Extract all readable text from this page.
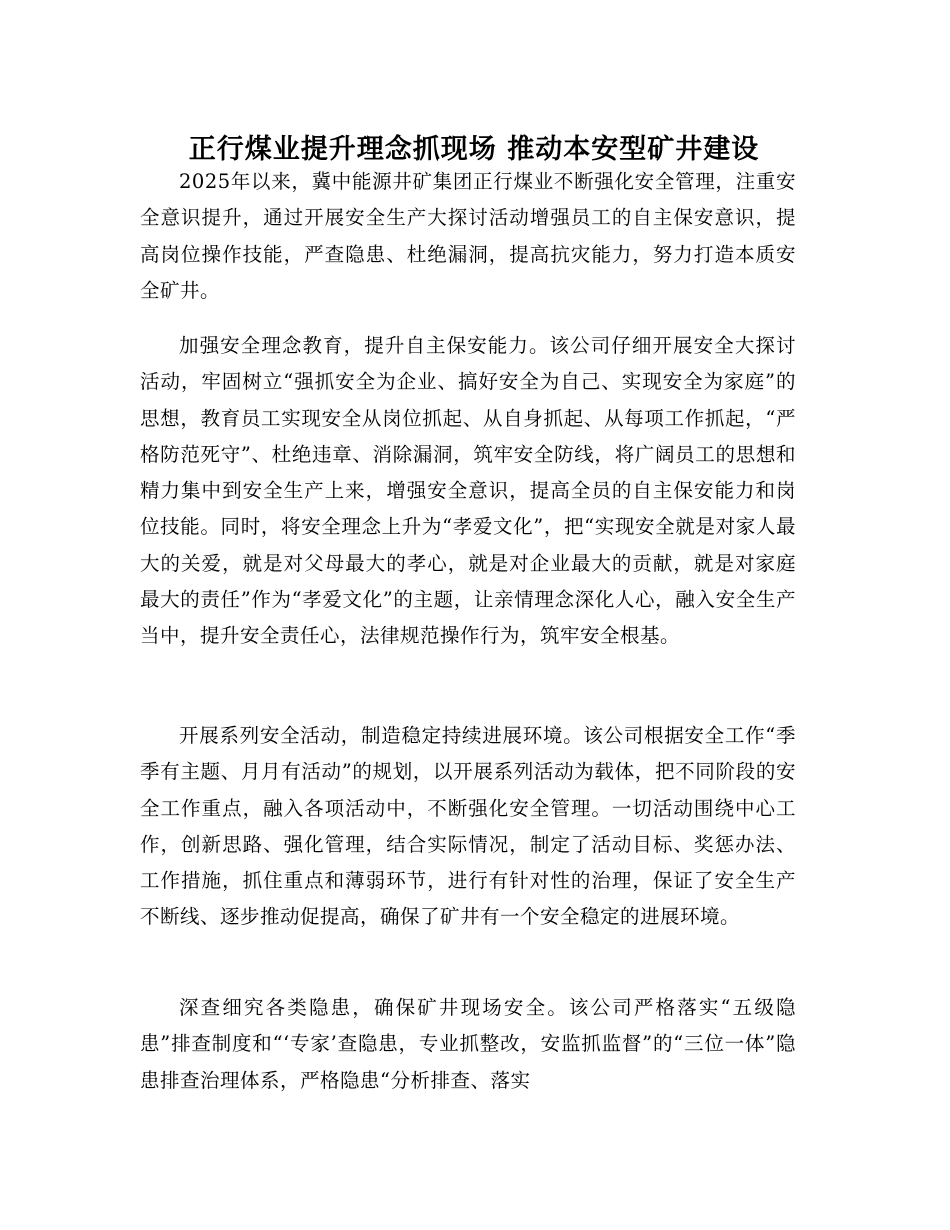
正行煤业提升理念抓现场 推动本安型矿井建设

2025年以来，冀中能源井矿集团正行煤业不断强化安全管理，注重安全意识提升，通过开展安全生产大探讨活动增强员工的自主保安意识，提高岗位操作技能，严查隐患、杜绝漏洞，提高抗灾能力，努力打造本质安全矿井。

加强安全理念教育，提升自主保安能力。该公司仔细开展安全大探讨活动，牢固树立“强抓安全为企业、搞好安全为自己、实现安全为家庭”的思想，教育员工实现安全从岗位抓起、从自身抓起、从每项工作抓起，“严格防范死守”、杜绝违章、消除漏洞，筑牢安全防线，将广阔员工的思想和精力集中到安全生产上来，增强安全意识，提高全员的自主保安能力和岗位技能。同时，将安全理念上升为“孝爱文化”，把“实现安全就是对家人最大的关爱，就是对父母最大的孝心，就是对企业最大的贡献，就是对家庭最大的责任”作为“孝爱文化”的主题，让亲情理念深化人心，融入安全生产当中，提升安全责任心，法律规范操作行为，筑牢安全根基。

开展系列安全活动，制造稳定持续进展环境。该公司根据安全工作“季季有主题、月月有活动”的规划，以开展系列活动为载体，把不同阶段的安全工作重点，融入各项活动中，不断强化安全管理。一切活动围绕中心工作，创新思路、强化管理，结合实际情况，制定了活动目标、奖惩办法、工作措施，抓住重点和薄弱环节，进行有针对性的治理，保证了安全生产不断线、逐步推动促提高，确保了矿井有一个安全稳定的进展环境。

深查细究各类隐患，确保矿井现场安全。该公司严格落实“五级隐患”排查制度和“‘专家’查隐患，专业抓整改，安监抓监督”的“三位一体”隐患排查治理体系，严格隐患“分析排查、落实
